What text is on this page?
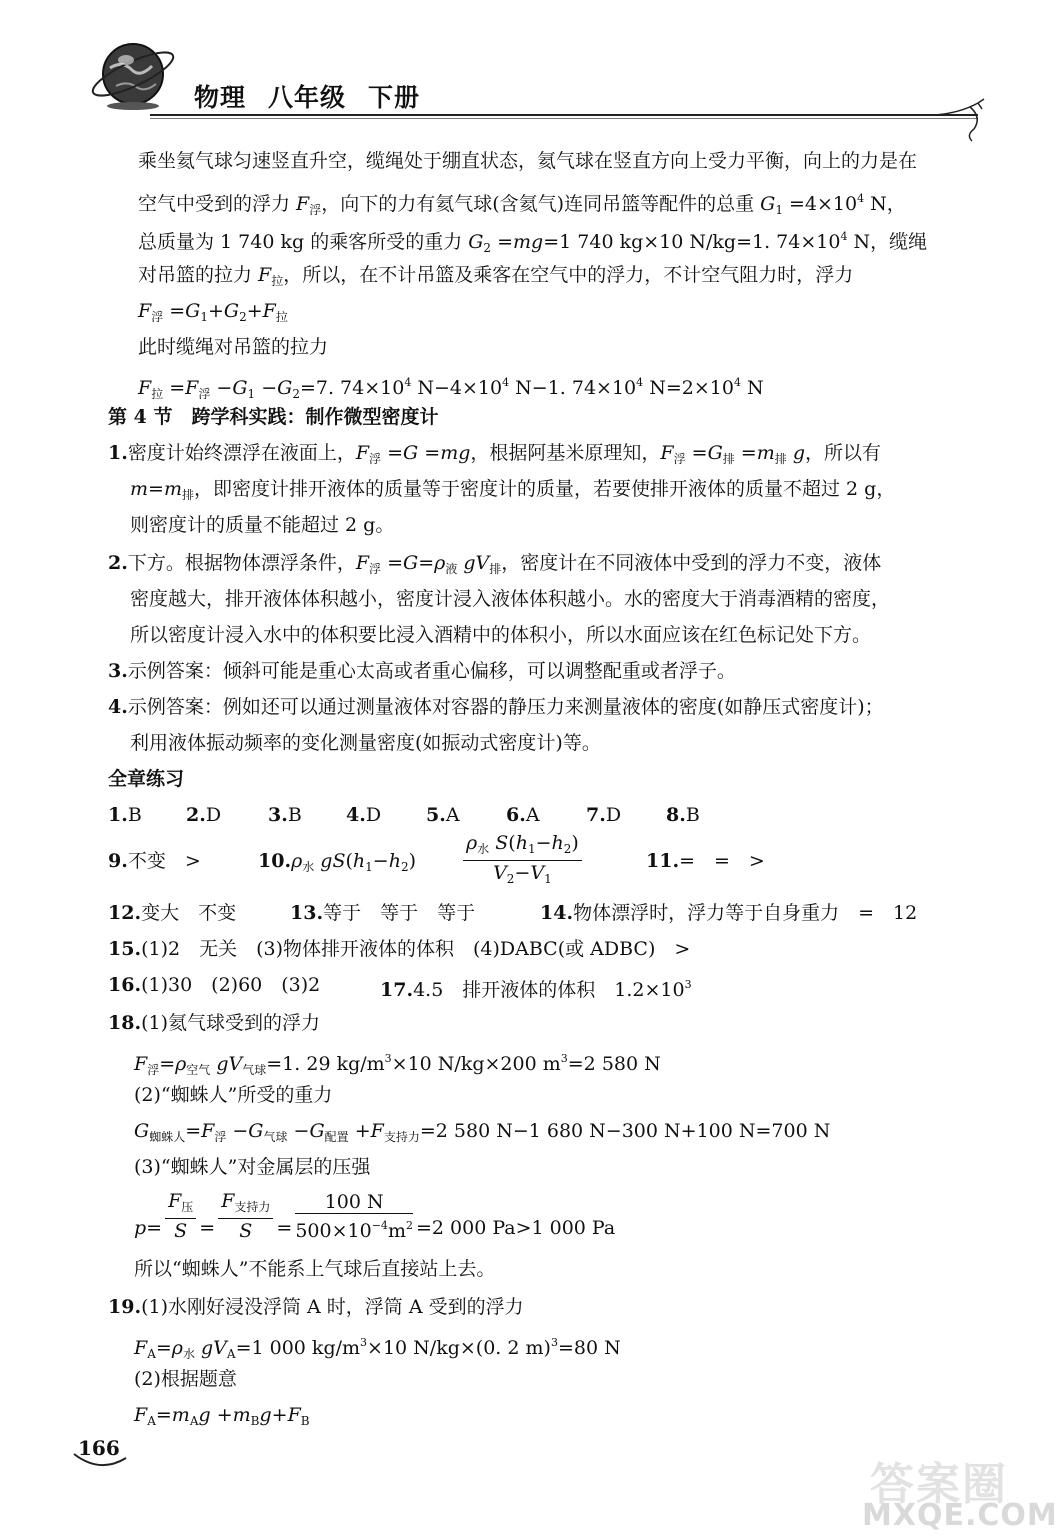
物理 八年级 下册
乘坐氦气球匀速竖直升空，缆绳处于绷直状态，氦气球在竖直方向上受力平衡，向上的力是在
空气中受到的浮力 $F_浮$，向下的力有氦气球(含氦气)连同吊篮等配件的总重 $G_1 =4\times 10^4$ N，
总质量为 1 740 kg 的乘客所受的重力 $G_2 =mg=1$ 740 kg×10 N/kg=1. $74\times 10^4$ N，缆绳
对吊篮的拉力 $F_拉$，所以，在不计吊篮及乘客在空气中的浮力，不计空气阻力时，浮力
$F_浮 =G_1+G_2+F_拉$
此时缆绳对吊篮的拉力
$F_拉 =F_浮 -G_1 -G_2=7$. $74\times 10^4$ $N-4\times 10^4$ N−1. $74\times 10^4$ $N=2\times 10^4$ N
第 4 节　跨学科实践：制作微型密度计
1.密度计始终漂浮在液面上，$F_浮 =G =mg$，根据阿基米原理知，$F_浮 =G_排 =m_排$ g，所以有
$m=m_排$，即密度计排开液体的质量等于密度计的质量，若要使排开液体的质量不超过 2 g，
则密度计的质量不能超过 2 g。
2.下方。根据物体漂浮条件，$F_浮 =G=\rho_液$ $gV_排$，密度计在不同液体中受到的浮力不变，液体
密度越大，排开液体体积越小，密度计浸入液体体积越小。水的密度大于消毒酒精的密度，
所以密度计浸入水中的体积要比浸入酒精中的体积小，所以水面应该在红色标记处下方。
3.示例答案：倾斜可能是重心太高或者重心偏移，可以调整配重或者浮子。
4.示例答案：例如还可以通过测量液体对容器的静压力来测量液体的密度(如静压式密度计)；
利用液体振动频率的变化测量密度(如振动式密度计)等。
全章练习
1.B 2.D 3.B 4.D 5.A 6.A 7.D 8.B
9.不变　>	$10.\rho_水$ $gS(h_1-h_2)$
$\rho_水$ $S(h_1-h_2)$
$V_2-V_1$
11.=　=　>
12.变大　不变	13.等于　等于　等于	14.物体漂浮时，浮力等于自身重力　=　12
15.(1)2　无关　(3)物体排开液体的体积　(4)DABC(或 ADBC)　>
16.(1)30　(2)60　(3)2	17.4.5　排开液体的体积　$1.2\times 10^3$
18.(1)氦气球受到的浮力
$F_浮=\rho_{空气}$ $gV_{气球}=1$. 29 $kg/m^3\times 10$ N/kg×200 $m^3=2$ 580 N
(2)“蜘蛛人”所受的重力
$G_{蜘蛛人}=F_浮 -G_{气球} -G_{配置} +F_{支持力}=2$ 580 N−1 680 N−300 N+100 N=700 N
(3)“蜘蛛人”对金属层的压强
$p= \frac{F_压}{S} = \frac{F_{支持力}}{S} = \frac{100 N}{500\times 10^{-4}m^2} =2$ 000 Pa>1 000 Pa
所以“蜘蛛人”不能系上气球后直接站上去。
19.(1)水刚好浸没浮筒 A 时，浮筒 A 受到的浮力
$F_A=\rho_水$ $gV_A=1$ 000 $kg/m^3\times 10$ N/kg×(0. 2 m)$^3$=80 N
(2)根据题意
$F_A=m_Ag +m_Bg+F_B$
166
答案圈
MXQE.COM
